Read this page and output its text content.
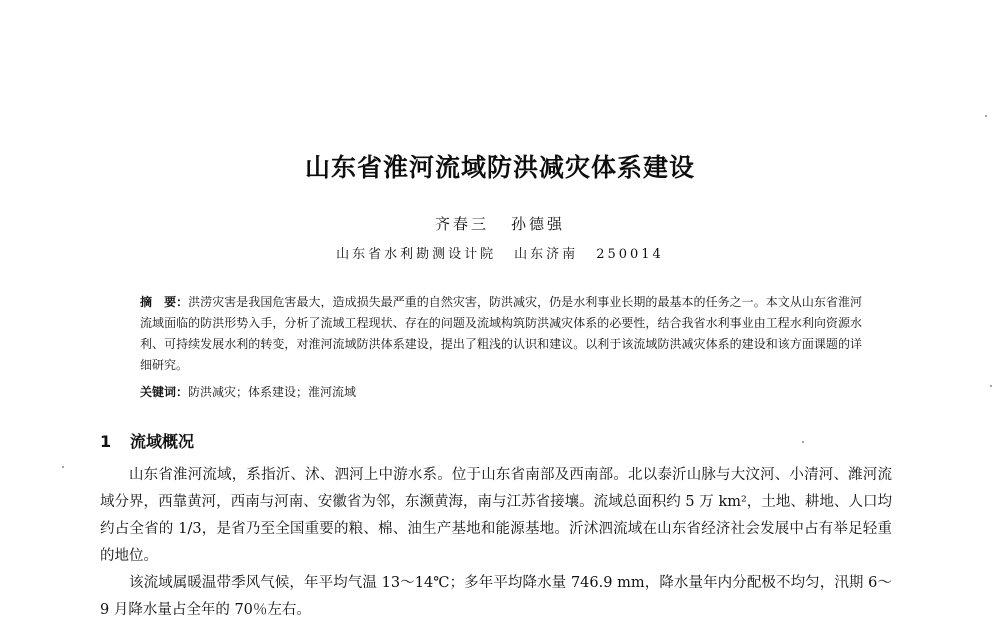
山东省淮河流域防洪减灾体系建设
齐春三 孙德强
山东省水利勘测设计院 山东济南 250014
摘　要：洪涝灾害是我国危害最大，造成损失最严重的自然灾害，防洪减灾，仍是水利事业长期的最基本的任务之一。本文从山东省淮河流域面临的防洪形势入手，分析了流域工程现状、存在的问题及流域构筑防洪减灾体系的必要性，结合我省水利事业由工程水利向资源水利、可持续发展水利的转变，对淮河流域防洪体系建设，提出了粗浅的认识和建议。以利于该流域防洪减灾体系的建设和该方面课题的详细研究。
关键词：防洪减灾；体系建设；淮河流域
1 流域概况

山东省淮河流域，系指沂、沭、泗河上中游水系。位于山东省南部及西南部。北以泰沂山脉与大汶河、小清河、潍河流域分界，西靠黄河，西南与河南、安徽省为邻，东濒黄海，南与江苏省接壤。流域总面积约 5 万 km²，土地、耕地、人口均约占全省的 1/3，是省乃至全国重要的粮、棉、油生产基地和能源基地。沂沭泗流域在山东省经济社会发展中占有举足轻重的地位。

该流域属暖温带季风气候，年平均气温 13～14℃；多年平均降水量 746.9 mm，降水量年内分配极不均匀，汛期 6～9 月降水量占全年的 70％左右。
